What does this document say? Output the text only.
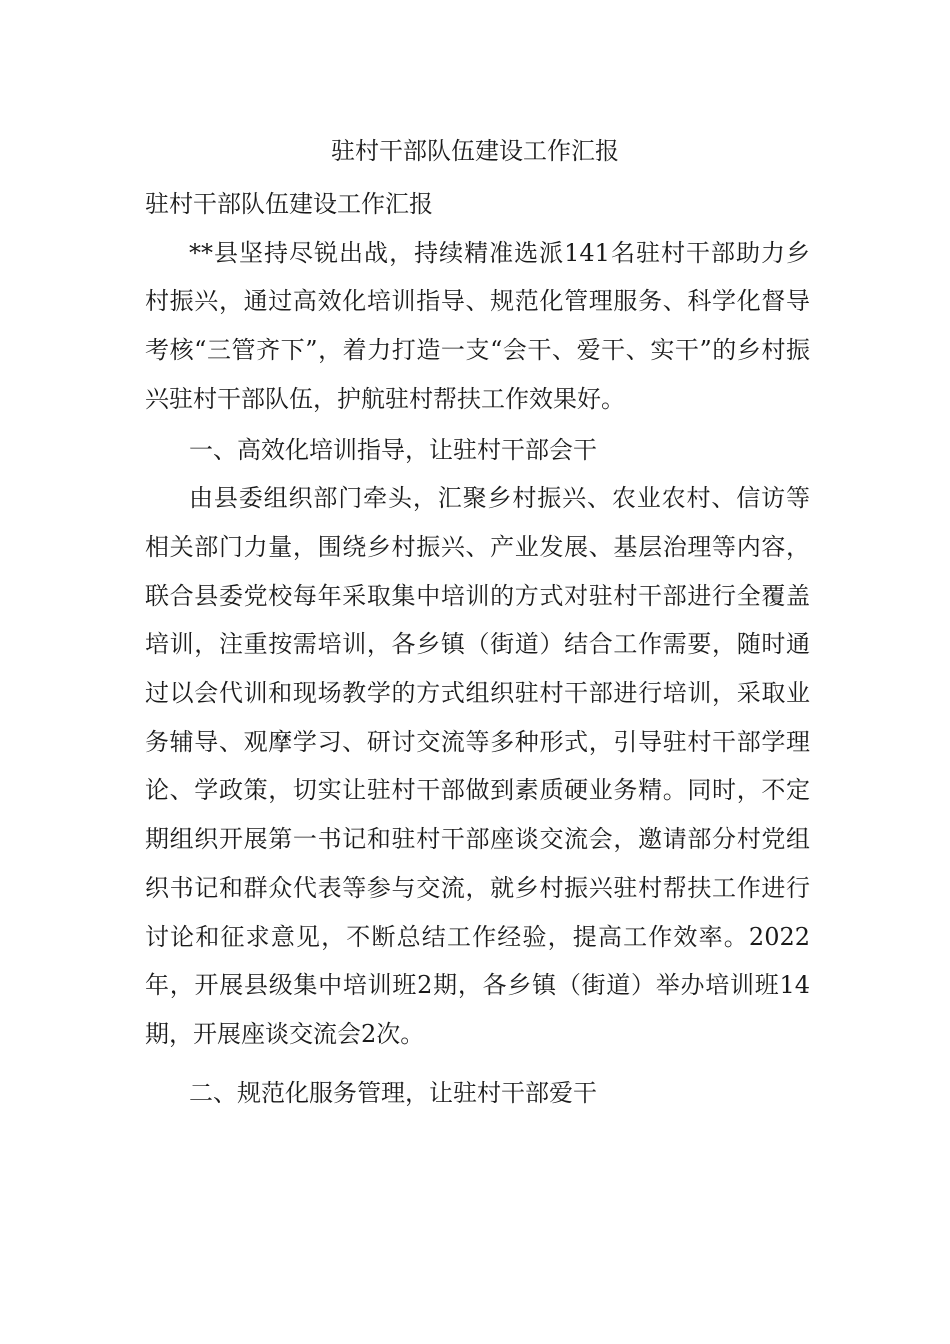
驻村干部队伍建设工作汇报

驻村干部队伍建设工作汇报

**县坚持尽锐出战，持续精准选派141名驻村干部助力乡村振兴，通过高效化培训指导、规范化管理服务、科学化督导考核“三管齐下”，着力打造一支“会干、爱干、实干”的乡村振兴驻村干部队伍，护航驻村帮扶工作效果好。

一、高效化培训指导，让驻村干部会干

由县委组织部门牵头，汇聚乡村振兴、农业农村、信访等相关部门力量，围绕乡村振兴、产业发展、基层治理等内容，联合县委党校每年采取集中培训的方式对驻村干部进行全覆盖培训，注重按需培训，各乡镇（街道）结合工作需要，随时通过以会代训和现场教学的方式组织驻村干部进行培训，采取业务辅导、观摩学习、研讨交流等多种形式，引导驻村干部学理论、学政策，切实让驻村干部做到素质硬业务精。同时，不定期组织开展第一书记和驻村干部座谈交流会，邀请部分村党组织书记和群众代表等参与交流，就乡村振兴驻村帮扶工作进行讨论和征求意见，不断总结工作经验，提高工作效率。2022年，开展县级集中培训班2期，各乡镇（街道）举办培训班14期，开展座谈交流会2次。

二、规范化服务管理，让驻村干部爱干
